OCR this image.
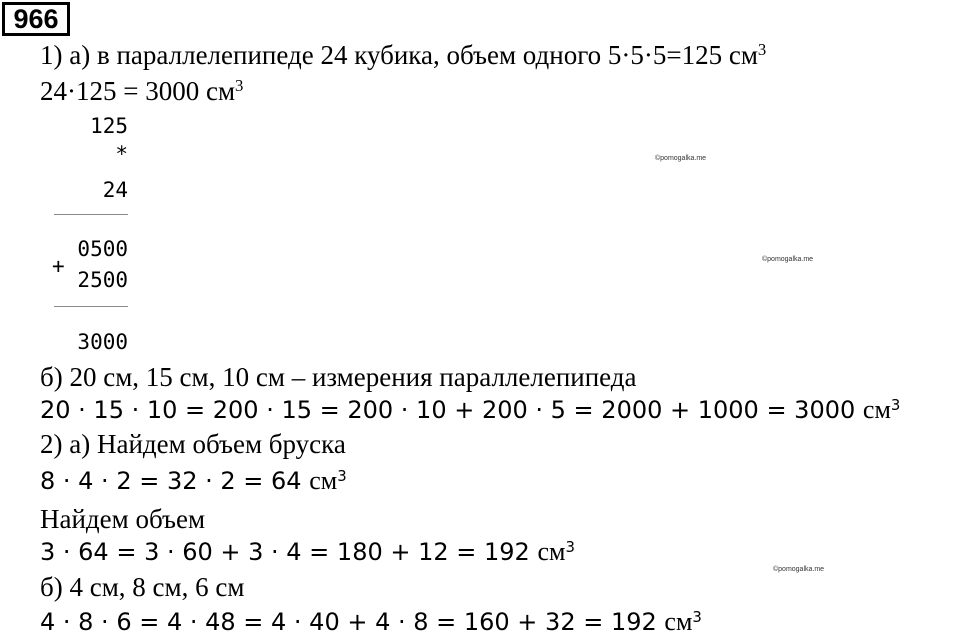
966
1) а) в параллелепипеде 24 кубика, объем одного 5·5·5=125 $см^3$
24·125 = 3000 $см^3$
125
*
24
0500
+
2500
3000
б) 20 см, 15 см, 10 см – измерения параллелепипеда
20 · 15 · 10 = 200 · 15 = 200 · 10 + 200 · 5 = 2000 + 1000 = 3000 $см^3$
2) а) Найдем объем бруска
8 · 4 · 2 = 32 · 2 = 64 $см^3$
Найдем объем
3 · 64 = 3 · 60 + 3 · 4 = 180 + 12 = 192 $см^3$
б) 4 см, 8 см, 6 см
4 · 8 · 6 = 4 · 48 = 4 · 40 + 4 · 8 = 160 + 32 = 192 $см^3$
©pomogalka.me
©pomogalka.me
©pomogalka.me
